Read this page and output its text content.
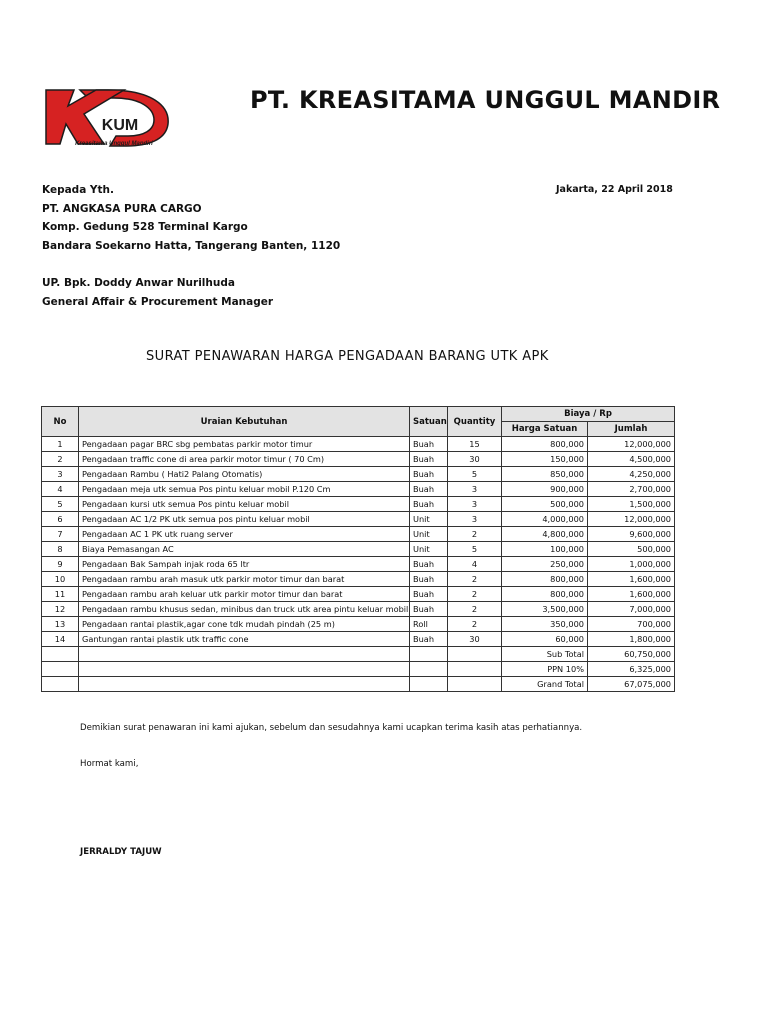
KUM
Kreasitama Unggul Mandiri
PT. KREASITAMA UNGGUL MANDIR
Kepada Yth.
PT. ANGKASA PURA CARGO
Komp. Gedung 528 Terminal Kargo
Bandara Soekarno Hatta, Tangerang Banten, 1120
UP. Bpk. Doddy Anwar Nurilhuda
General Affair & Procurement Manager
Jakarta, 22 April 2018
SURAT PENAWARAN HARGA PENGADAAN BARANG UTK APK
No	Uraian Kebutuhan	Satuan	Quantity	Biaya / Rp	
				Harga Satuan	Jumlah
1	Pengadaan pagar BRC sbg pembatas parkir motor timur	Buah	15	800,000	12,000,000
2	Pengadaan traffic cone di area parkir motor timur ( 70 Cm)	Buah	30	150,000	4,500,000
3	Pengadaan Rambu ( Hati2 Palang Otomatis)	Buah	5	850,000	4,250,000
4	Pengadaan meja utk semua Pos pintu keluar mobil P.120 Cm	Buah	3	900,000	2,700,000
5	Pengadaan kursi utk semua Pos pintu keluar mobil	Buah	3	500,000	1,500,000
6	Pengadaan AC 1/2 PK utk semua pos pintu keluar mobil	Unit	3	4,000,000	12,000,000
7	Pengadaan AC 1 PK utk ruang server	Unit	2	4,800,000	9,600,000
8	Biaya Pemasangan AC	Unit	5	100,000	500,000
9	Pengadaan Bak Sampah injak roda 65 ltr	Buah	4	250,000	1,000,000
10	Pengadaan rambu arah masuk utk parkir motor timur dan barat	Buah	2	800,000	1,600,000
11	Pengadaan rambu arah keluar utk parkir motor timur dan barat	Buah	2	800,000	1,600,000
12	Pengadaan rambu khusus sedan, minibus dan truck utk area pintu keluar mobil	Buah	2	3,500,000	7,000,000
13	Pengadaan rantai plastik,agar cone tdk mudah pindah (25 m)	Roll	2	350,000	700,000
14	Gantungan rantai plastik utk traffic cone	Buah	30	60,000	1,800,000
				Sub Total	60,750,000
				PPN 10%	6,325,000
				Grand Total	67,075,000
Demikian surat penawaran ini kami ajukan, sebelum dan sesudahnya kami ucapkan terima kasih atas perhatiannya.
Hormat kami,
JERRALDY TAJUW
